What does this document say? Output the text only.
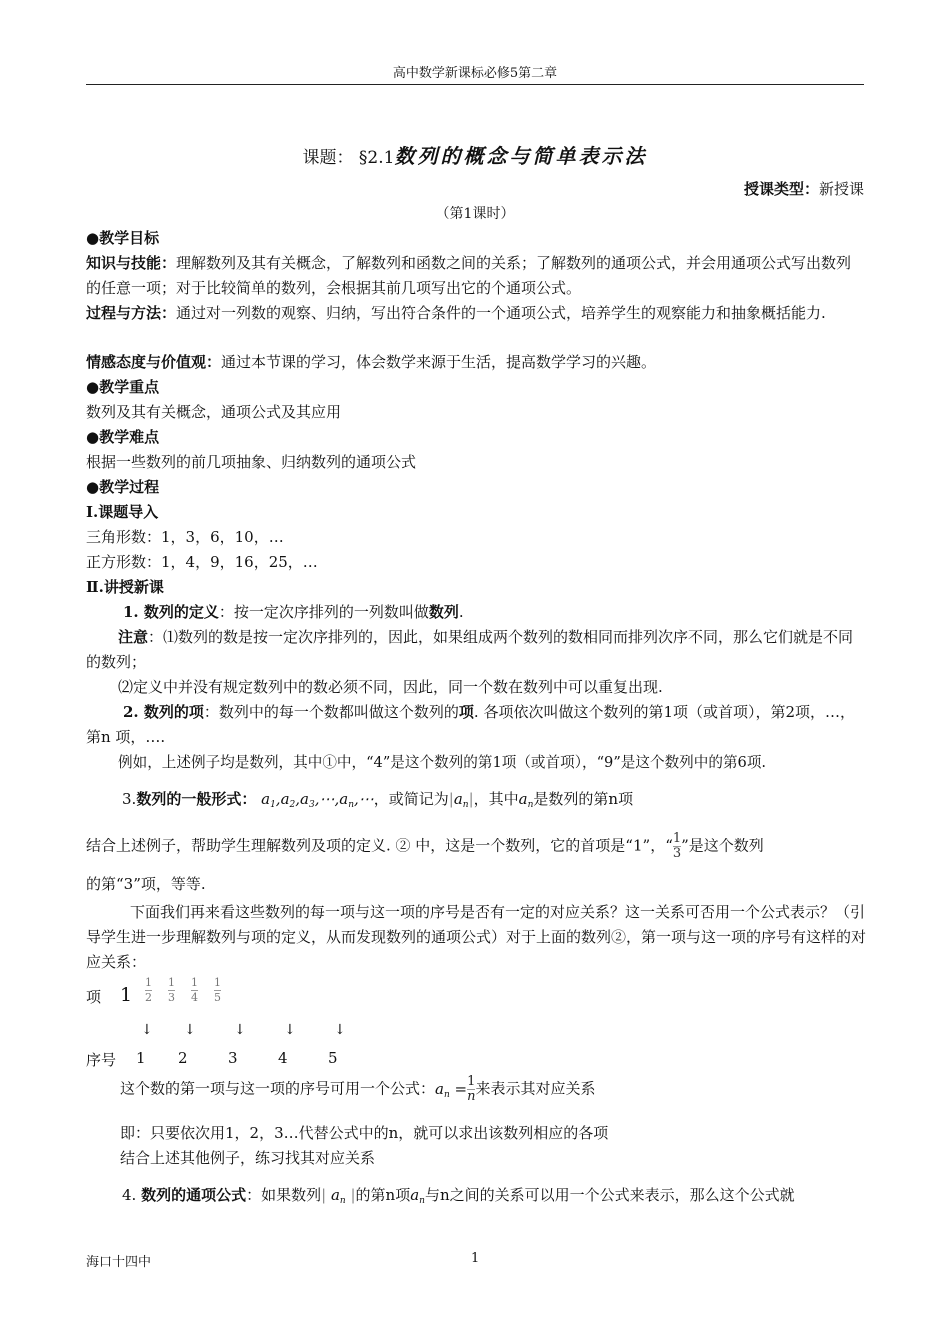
高中数学新课标必修5第二章
课题： §2.1数列的概念与简单表示法
授课类型：新授课
（第1课时）
●教学目标
知识与技能：理解数列及其有关概念，了解数列和函数之间的关系；了解数列的通项公式，并会用通项公式写出数列的任意一项；对于比较简单的数列，会根据其前几项写出它的个通项公式。
过程与方法：通过对一列数的观察、归纳，写出符合条件的一个通项公式，培养学生的观察能力和抽象概括能力.
情感态度与价值观：通过本节课的学习，体会数学来源于生活，提高数学学习的兴趣。
●教学重点
数列及其有关概念，通项公式及其应用
●教学难点
根据一些数列的前几项抽象、归纳数列的通项公式
●教学过程
Ⅰ.课题导入
三角形数：1，3，6，10，…
正方形数：1，4，9，16，25，…
Ⅱ.讲授新课
1. 数列的定义：按一定次序排列的一列数叫做数列.
注意：⑴数列的数是按一定次序排列的，因此，如果组成两个数列的数相同而排列次序不同，那么它们就是不同的数列；
⑵定义中并没有规定数列中的数必须不同，因此，同一个数在数列中可以重复出现.
2. 数列的项：数列中的每一个数都叫做这个数列的项. 各项依次叫做这个数列的第1项（或首项），第2项，…，第n 项，….
例如，上述例子均是数列，其中①中，“4”是这个数列的第1项（或首项），“9”是这个数列中的第6项.
3.数列的一般形式： $a_1,a_2,a_3,\cdots,a_n,\cdots$，或简记为$|a_n|$，其中$a_n$是数列的第n项
结合上述例子，帮助学生理解数列及项的定义. ② 中，这是一个数列，它的首项是“1”，“ $\frac{1}{3}$ ”是这个数列
的第“3”项，等等.
下面我们再来看这些数列的每一项与这一项的序号是否有一定的对应关系？这一关系可否用一个公式表示？（引导学生进一步理解数列与项的定义，从而发现数列的通项公式）对于上面的数列②，第一项与这一项的序号有这样的对应关系：
项 $1 \frac{1}{2} \frac{1}{3} \frac{1}{4} \frac{1}{5}$
↓ ↓	↓	↓	↓
序号 1 2	3	4	5
这个数的第一项与这一项的序号可用一个公式：$a_n = \frac{1}{n}$ 来表示其对应关系
即：只要依次用1，2，3…代替公式中的n，就可以求出该数列相应的各项
结合上述其他例子，练习找其对应关系
4. 数列的通项公式：如果数列| $a_n$ |的第n项$a_n$与n之间的关系可以用一个公式来表示，那么这个公式就
海口十四中	1
